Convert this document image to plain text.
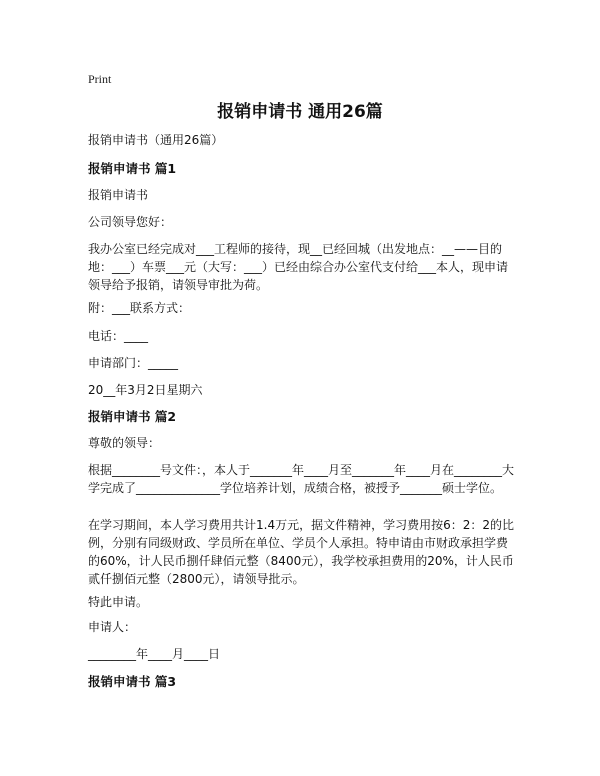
Print
报销申请书 通用26篇
报销申请书（通用26篇）
报销申请书 篇1
报销申请书
公司领导您好：
我办公室已经完成对___工程师的接待，现__已经回城（出发地点：__——目的地：___）车票___元（大写：___）已经由综合办公室代支付给___本人，现申请领导给予报销，请领导审批为荷。
附：___联系方式：
电话：____
申请部门：_____
20__年3月2日星期六
报销申请书 篇2
尊敬的领导：
根据________号文件：，本人于_______年____月至_______年____月在________大学完成了______________学位培养计划，成绩合格，被授予_______硕士学位。
在学习期间，本人学习费用共计1.4万元，据文件精神，学习费用按6：2：2的比例，分别有同级财政、学员所在单位、学员个人承担。特申请由市财政承担学费的60%，计人民币捌仟肆佰元整（8400元），我学校承担费用的20%，计人民币贰仟捌佰元整（2800元），请领导批示。
特此申请。
申请人：
________年____月____日
报销申请书 篇3
